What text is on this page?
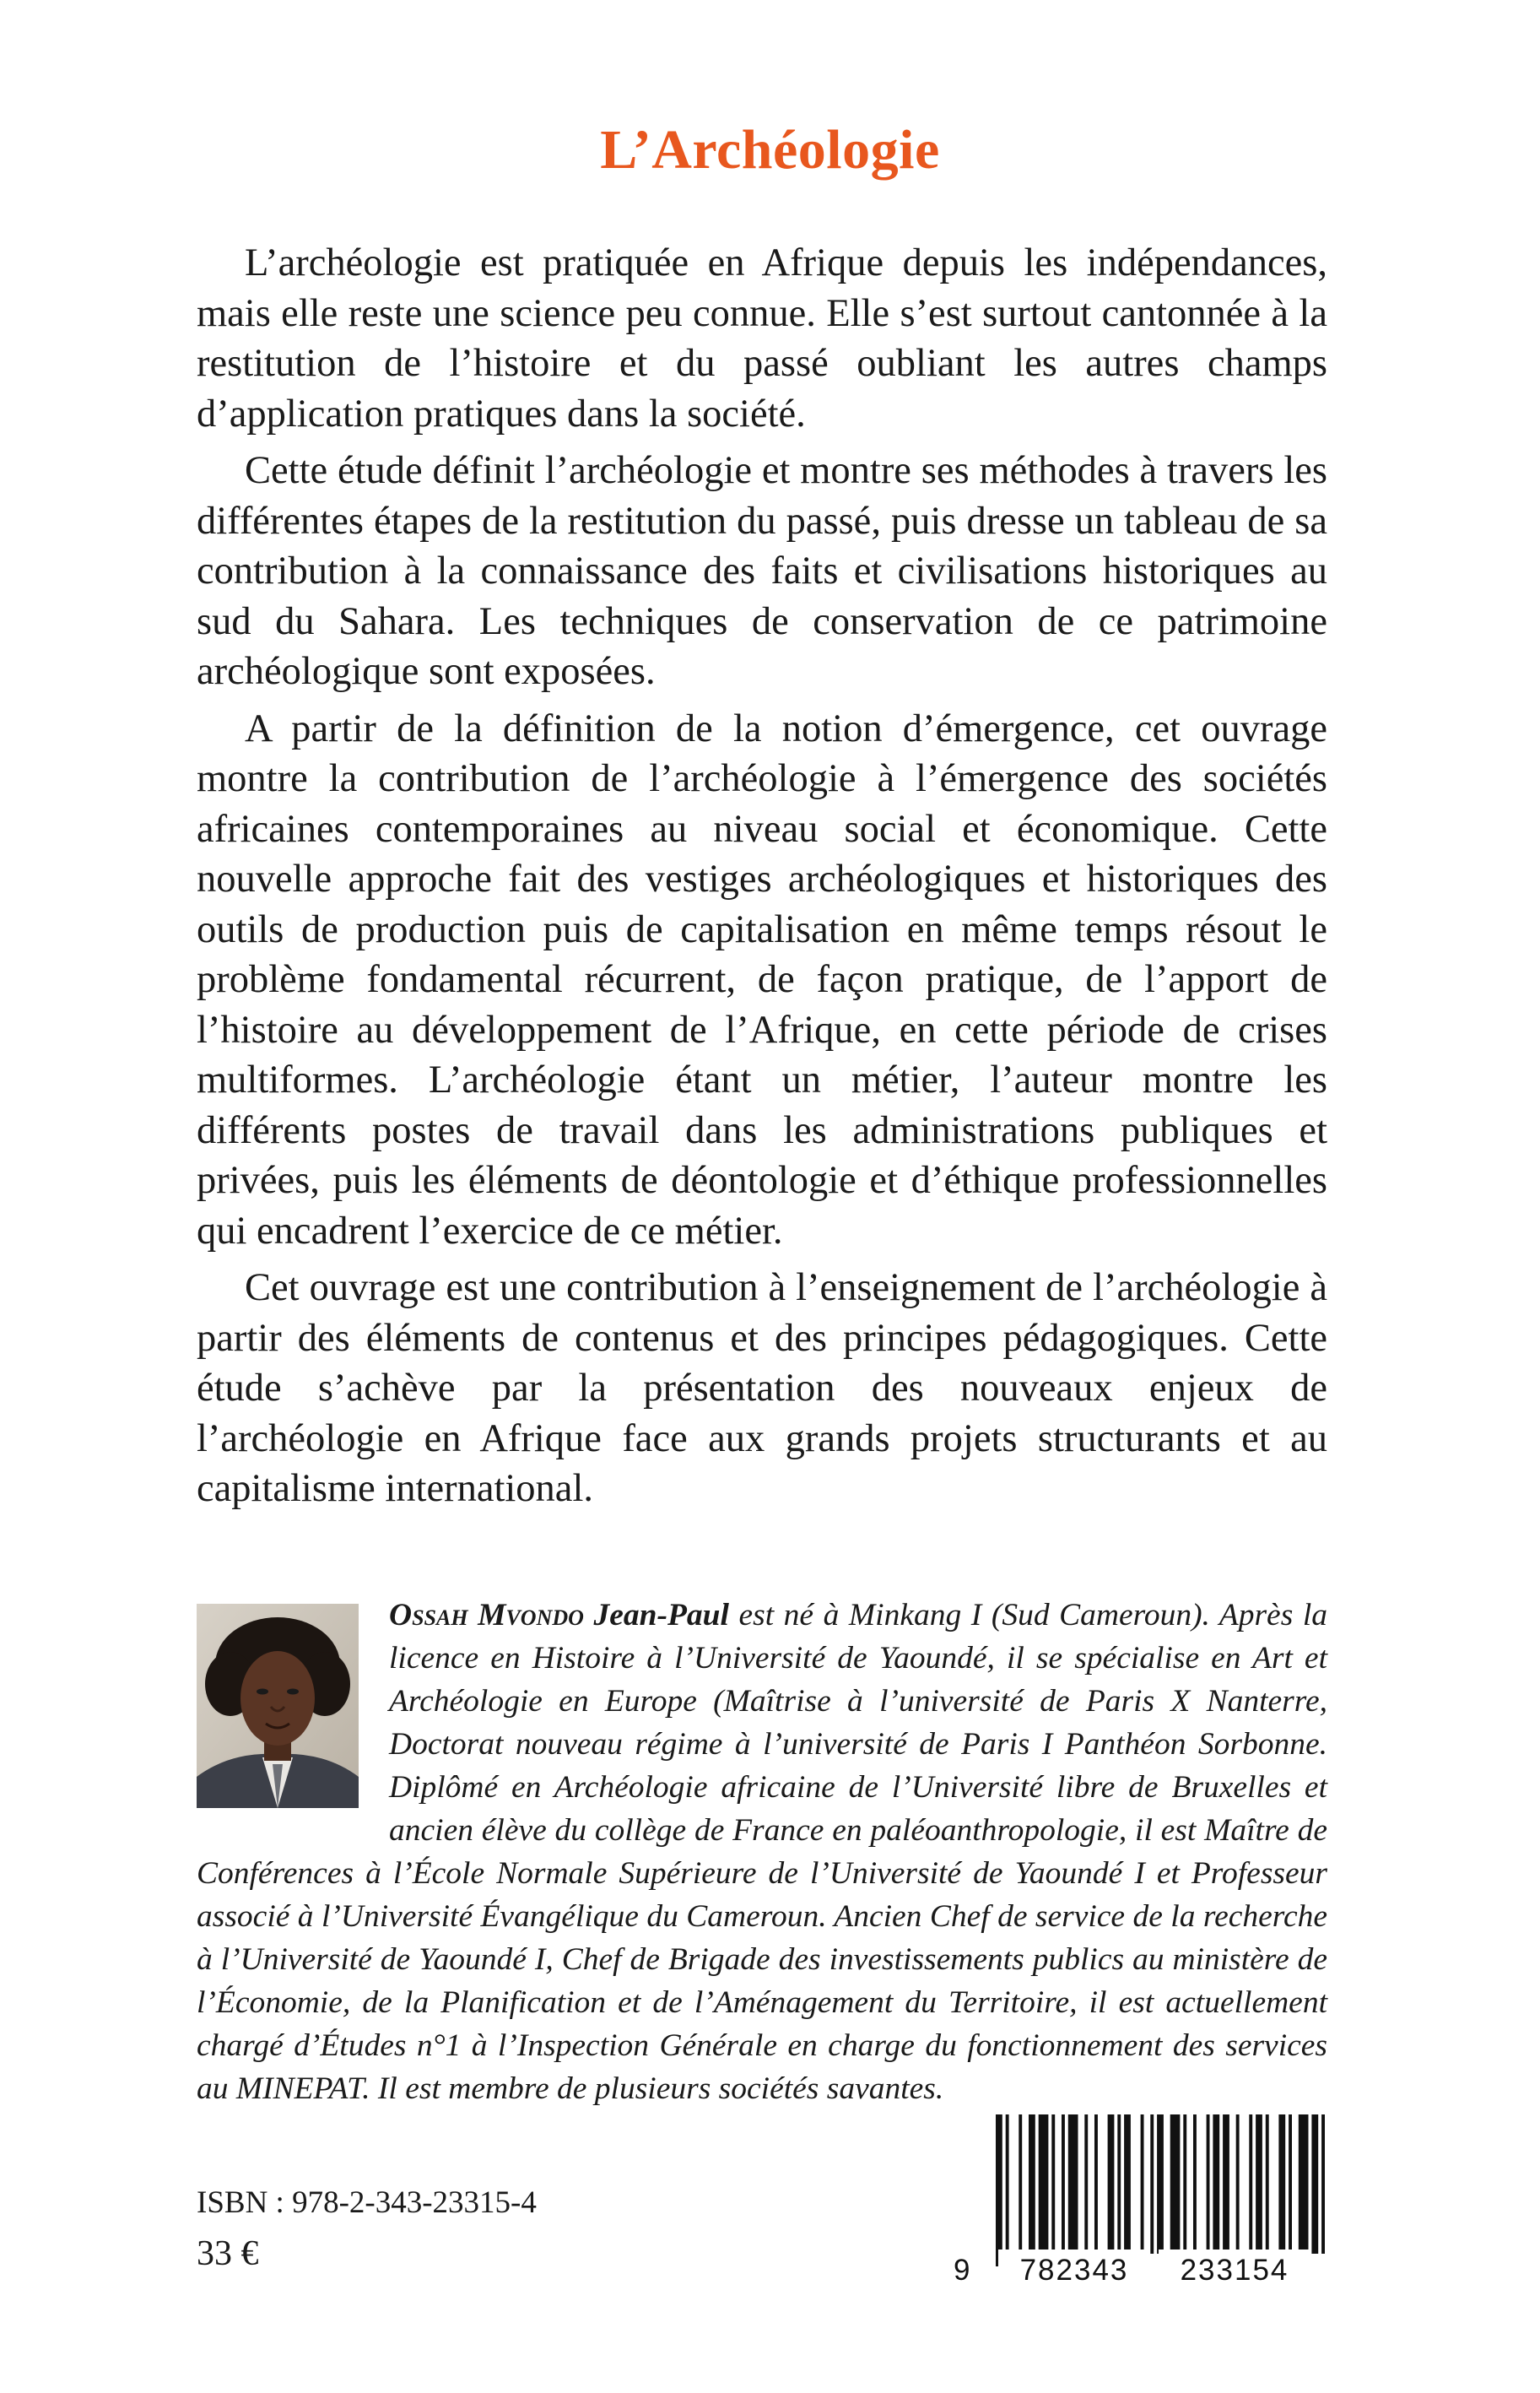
L’Archéologie

L’archéologie est pratiquée en Afrique depuis les indépendances, mais elle reste une science peu connue. Elle s’est surtout cantonnée à la restitution de l’histoire et du passé oubliant les autres champs d’application pratiques dans la société.

Cette étude définit l’archéologie et montre ses méthodes à travers les différentes étapes de la restitution du passé, puis dresse un tableau de sa contribution à la connaissance des faits et civilisations historiques au sud du Sahara. Les techniques de conservation de ce patrimoine archéologique sont exposées.

A partir de la définition de la notion d’émergence, cet ouvrage montre la contribution de l’archéologie à l’émergence des sociétés africaines contemporaines au niveau social et économique. Cette nouvelle approche fait des vestiges archéologiques et historiques des outils de production puis de capitalisation en même temps résout le problème fondamental récurrent, de façon pratique, de l’apport de l’histoire au développement de l’Afrique, en cette période de crises multiformes. L’archéologie étant un métier, l’auteur montre les différents postes de travail dans les administrations publiques et privées, puis les éléments de déontologie et d’éthique professionnelles qui encadrent l’exercice de ce métier.

Cet ouvrage est une contribution à l’enseignement de l’archéologie à partir des éléments de contenus et des principes pédagogiques. Cette étude s’achève par la présentation des nouveaux enjeux de l’archéologie en Afrique face aux grands projets structurants et au capitalisme international.

Ossah Mvondo Jean-Paul est né à Minkang I (Sud Cameroun). Après la licence en Histoire à l’Université de Yaoundé, il se spécialise en Art et Archéologie en Europe (Maîtrise à l’université de Paris X Nanterre, Doctorat nouveau régime à l’université de Paris I Panthéon Sorbonne. Diplômé en Archéologie africaine de l’Université libre de Bruxelles et ancien élève du collège de France en paléoanthropologie, il est Maître de Conférences à l’École Normale Supérieure de l’Université de Yaoundé I et Professeur associé à l’Université Évangélique du Cameroun. Ancien Chef de service de la recherche à l’Université de Yaoundé I, Chef de Brigade des investissements publics au ministère de l’Économie, de la Planification et de l’Aménagement du Territoire, il est actuellement chargé d’Études n°1 à l’Inspection Générale en charge du fonctionnement des services au MINEPAT. Il est membre de plusieurs sociétés savantes.

ISBN : 978-2-343-23315-4
33 €	9	782343	233154
